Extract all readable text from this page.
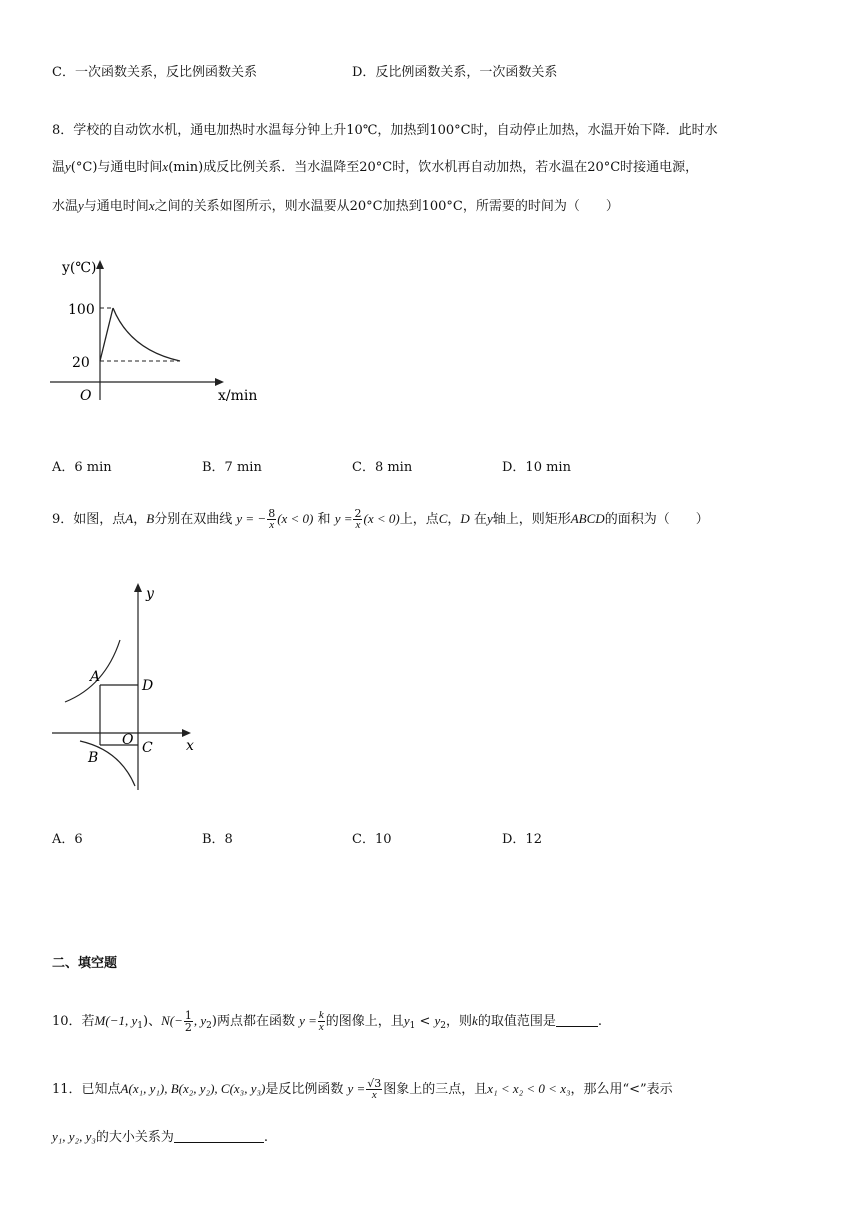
C．一次函数关系，反比例函数关系	D．反比例函数关系，一次函数关系
8．学校的自动饮水机，通电加热时水温每分钟上升10℃，加热到100°C时，自动停止加热，水温开始下降．此时水
温y(°C)与通电时间x(min)成反比例关系．当水温降至20°C时，饮水机再自动加热，若水温在20°C时接通电源，
水温y与通电时间x之间的关系如图所示，则水温要从20°C加热到100°C，所需要的时间为（　　）
y(℃)
x/min
O
100
20
A．6 min	B．7 min	C．8 min	D．10 min
9．如图，点A，B分别在双曲线 y = − $\frac{8}{x} (x < 0)$ 和 $y = \frac{2}{x} (x < 0)$上，点C，D 在y轴上，则矩形ABCD的面积为（　　）
y
x
A
D
O C
B
A．6	B．8	C．10	D．12
二、填空题
10．若M(−1, $y_1$)、$N(- \frac{1}{2}$ , $y_2$)两点都在函数 $y = \frac{k}{x}$ 的图像上，且$y_1 < y_2$，则k的取值范围是	.
11．已知点A(x₁, y₁), B(x₂, y₂), C(x₃, y₃)是反比例函数 $y = \frac{√3}{x}$ 图象上的三点，且x₁ < x₂ < 0 < x₃，那么用“<”表示
y₁, y₂, y₃的大小关系为	.
